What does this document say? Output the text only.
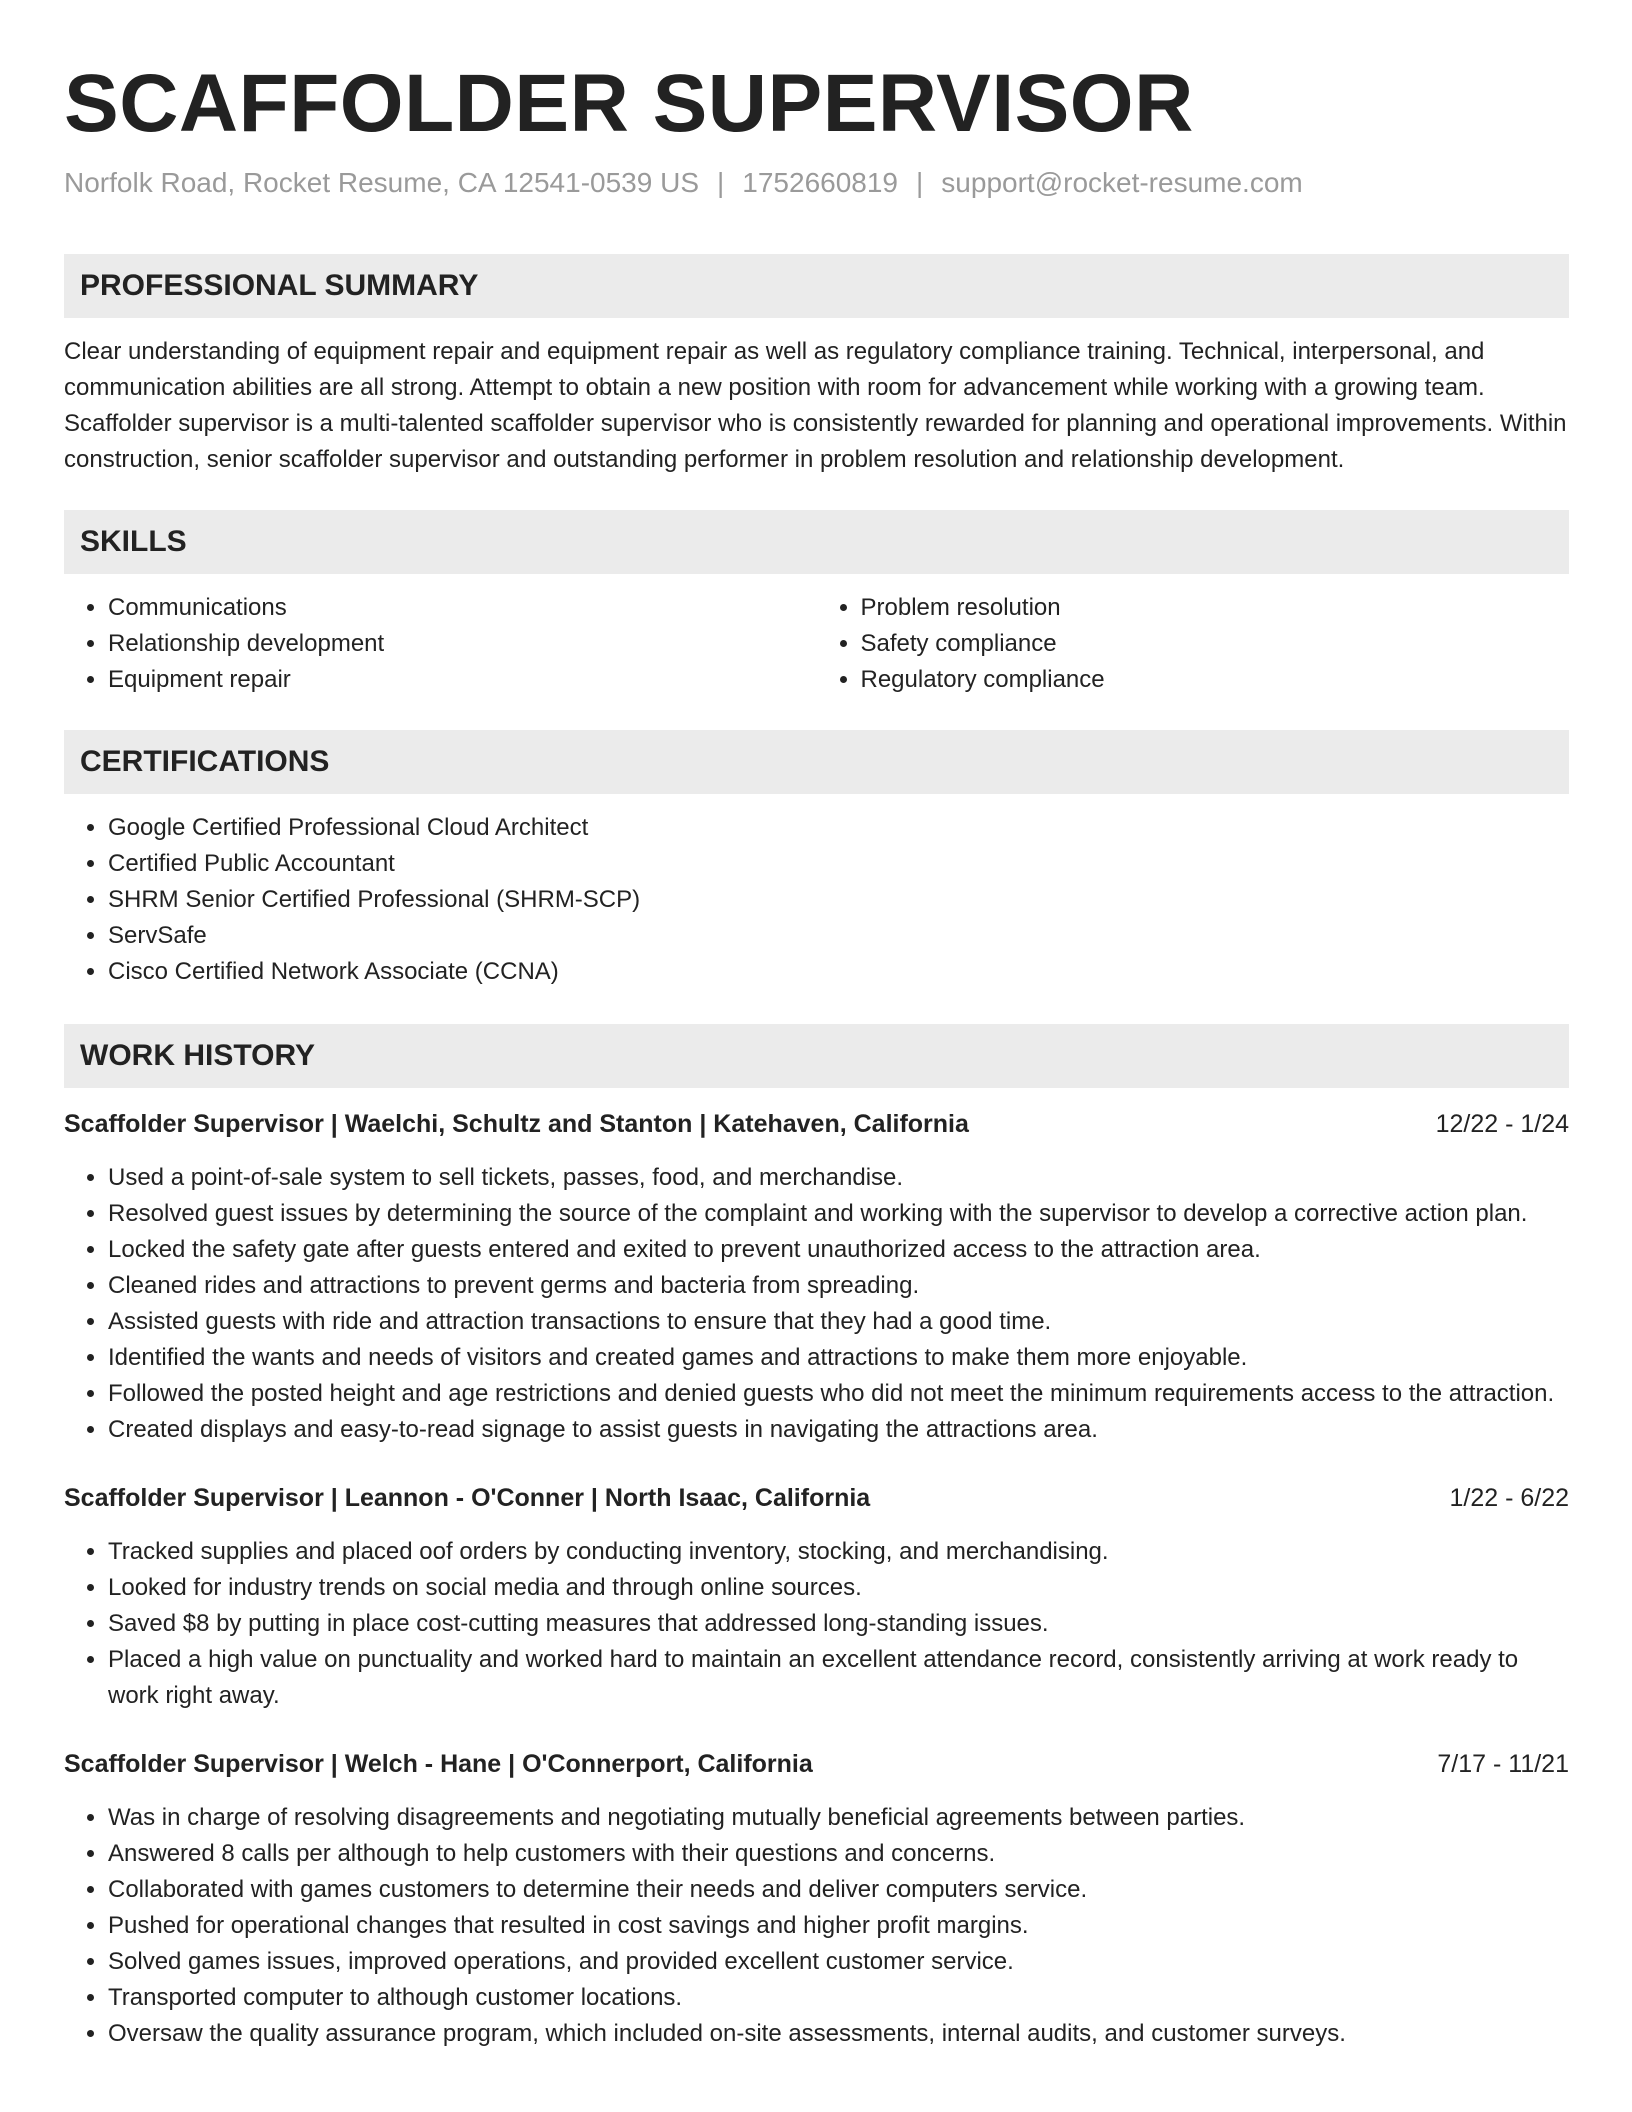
SCAFFOLDER SUPERVISOR
Norfolk Road, Rocket Resume, CA 12541-0539 US | 1752660819 | support@rocket-resume.com
PROFESSIONAL SUMMARY

Clear understanding of equipment repair and equipment repair as well as regulatory compliance training. Technical, interpersonal, and communication abilities are all strong. Attempt to obtain a new position with room for advancement while working with a growing team. Scaffolder supervisor is a multi-talented scaffolder supervisor who is consistently rewarded for planning and operational improvements. Within construction, senior scaffolder supervisor and outstanding performer in problem resolution and relationship development.

SKILLS
• Communications
• Relationship development
• Equipment repair
• Problem resolution
• Safety compliance
• Regulatory compliance
CERTIFICATIONS
• Google Certified Professional Cloud Architect
• Certified Public Accountant
• SHRM Senior Certified Professional (SHRM-SCP)
• ServSafe
• Cisco Certified Network Associate (CCNA)
WORK HISTORY
Scaffolder Supervisor | Waelchi, Schultz and Stanton | Katehaven, California	12/22 - 1/24
• Used a point-of-sale system to sell tickets, passes, food, and merchandise.
• Resolved guest issues by determining the source of the complaint and working with the supervisor to develop a corrective action plan.
• Locked the safety gate after guests entered and exited to prevent unauthorized access to the attraction area.
• Cleaned rides and attractions to prevent germs and bacteria from spreading.
• Assisted guests with ride and attraction transactions to ensure that they had a good time.
• Identified the wants and needs of visitors and created games and attractions to make them more enjoyable.
• Followed the posted height and age restrictions and denied guests who did not meet the minimum requirements access to the attraction.
• Created displays and easy-to-read signage to assist guests in navigating the attractions area.
Scaffolder Supervisor | Leannon - O'Conner | North Isaac, California	1/22 - 6/22
• Tracked supplies and placed oof orders by conducting inventory, stocking, and merchandising.
• Looked for industry trends on social media and through online sources.
• Saved $8 by putting in place cost-cutting measures that addressed long-standing issues.
• Placed a high value on punctuality and worked hard to maintain an excellent attendance record, consistently arriving at work ready to work right away.
Scaffolder Supervisor | Welch - Hane | O'Connerport, California	7/17 - 11/21
• Was in charge of resolving disagreements and negotiating mutually beneficial agreements between parties.
• Answered 8 calls per although to help customers with their questions and concerns.
• Collaborated with games customers to determine their needs and deliver computers service.
• Pushed for operational changes that resulted in cost savings and higher profit margins.
• Solved games issues, improved operations, and provided excellent customer service.
• Transported computer to although customer locations.
• Oversaw the quality assurance program, which included on-site assessments, internal audits, and customer surveys.
